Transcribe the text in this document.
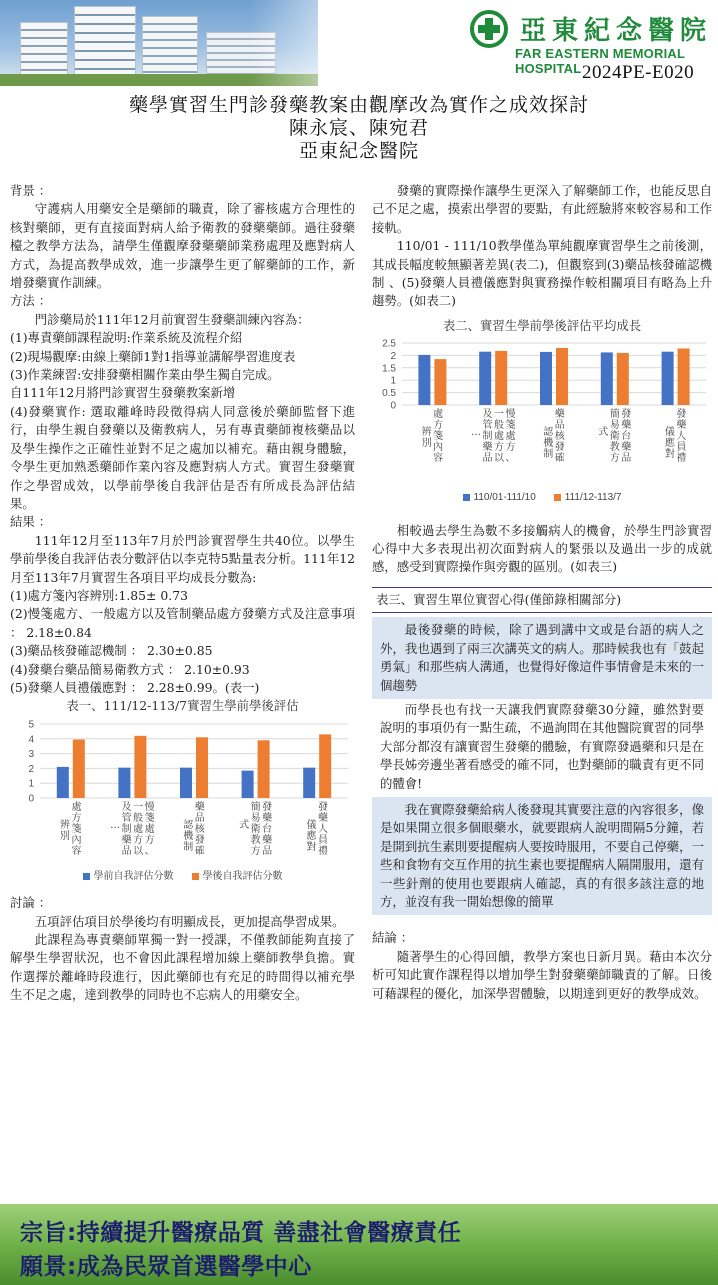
亞東紀念醫院
FAR EASTERN MEMORIAL HOSPITAL 2024PE-E020
藥學實習生門診發藥教案由觀摩改為實作之成效探討
陳永宸、陳宛君
亞東紀念醫院

背景 ：

守護病人用藥安全是藥師的職責，除了審核處方合理性的核對藥師，更有直接面對病人給予衛教的發藥藥師。過往發藥檯之教學方法為，請學生僅觀摩發藥藥師業務處理及應對病人方式，為提高教學成效，進一步讓學生更了解藥師的工作，新增發藥實作訓練。

方法 ：

門診藥局於111年12月前實習生發藥訓練內容為：

(1)專責藥師課程說明:作業系統及流程介紹

(2)現場觀摩:由線上藥師1對1指導並講解學習進度表

(3)作業練習:安排發藥相關作業由學生獨自完成。

自111年12月將門診實習生發藥教案新增

(4)發藥實作: 選取離峰時段徵得病人同意後於藥師監督下進行，由學生親自發藥以及衛教病人，另有專責藥師複核藥品以及學生操作之正確性並對不足之處加以補充。藉由親身體驗，令學生更加熟悉藥師作業內容及應對病人方式。實習生發藥實作之學習成效，以學前學後自我評估是否有所成長為評估結果。

結果 ：

111年12月至113年7月於門診實習學生共40位。以學生學前學後自我評估表分數評估以李克特5點量表分析。111年12月至113年7月實習生各項目平均成長分數為:

(1)處方箋內容辨別:1.85± 0.73

(2)慢箋處方、一般處方以及管制藥品處方發藥方式及注意事項 ： 2.18±0.84

(3)藥品核發確認機制 ： 2.30±0.85

(4)發藥台藥品簡易衛教方式 ： 2.10±0.93

(5)發藥人員禮儀應對 ： 2.28±0.99。(表一)

表一、111/12-113/7實習生學前學後評估
0
1
2
3
4
5
處
方
箋
內
容
辨
別
慢
箋
處
方
、
一
般
處
方
以
及
管
制
藥
品
…
藥
品
核
發
確
認
機
制
發
藥
台
藥
品
簡
易
衛
教
方
式
發
藥
人
員
禮
儀
應
對
學前自我評估分數	學後自我評估分數

討論 ：

五項評估項目於學後均有明顯成長，更加提高學習成果。

此課程為專責藥師單獨一對一授課，不僅教師能夠直接了解學生學習狀況，也不會因此課程增加線上藥師教學負擔。實作選擇於離峰時段進行，因此藥師也有充足的時間得以補充學生不足之處，達到教學的同時也不忘病人的用藥安全。

發藥的實際操作讓學生更深入了解藥師工作，也能反思自己不足之處，摸索出學習的要點，有此經驗將來較容易和工作接軌。

110/01 - 111/10教學僅為單純觀摩實習學生之前後測，其成長幅度較無顯著差異(表二)，但觀察到(3)藥品核發確認機制 、(5)發藥人員禮儀應對與實務操作較相關項目有略為上升趨勢。(如表二)

表二、實習生學前學後評估平均成長
0
0.5
1
1.5
2
2.5
處
方
箋
內
容
辨
別
慢
箋
處
方
、
一
般
處
方
以
及
管
制
藥
品
…
藥
品
核
發
確
認
機
制
發
藥
台
藥
品
簡
易
衛
教
方
式
發
藥
人
員
禮
儀
應
對
110/01-111/10	111/12-113/7

相較過去學生為數不多接觸病人的機會，於學生門診實習心得中大多表現出初次面對病人的緊張以及過出一步的成就感，感受到實際操作與旁觀的區別。(如表三)

表三、實習生單位實習心得(僅節錄相關部分)

最後發藥的時候，除了遇到講中文或是台語的病人之外，我也遇到了兩三次講英文的病人。那時候我也有「鼓起勇氣」和那些病人溝通，也覺得好像這件事情會是未來的一個趨勢

而學長也有找一天讓我們實際發藥30分鐘，雖然對要說明的事項仍有一點生疏，不過詢問在其他醫院實習的同學大部分都沒有讓實習生發藥的體驗，有實際發過藥和只是在學長姊旁邊坐著看感受的確不同，也對藥師的職責有更不同的體會!

我在實際發藥給病人後發現其實要注意的內容很多，像是如果開立很多個眼藥水，就要跟病人說明間隔5分鐘，若是開到抗生素則要提醒病人要按時服用，不要自己停藥，一些和食物有交互作用的抗生素也要提醒病人隔開服用，還有一些針劑的使用也要跟病人確認，真的有很多該注意的地方，並沒有我一開始想像的簡單

結論 ：

隨著學生的心得回饋，教學方案也日新月異。藉由本次分析可知此實作課程得以增加學生對發藥藥師職責的了解。日後可藉課程的優化，加深學習體驗，以期達到更好的教學成效。

宗旨:持續提升醫療品質 善盡社會醫療責任
願景:成為民眾首選醫學中心
